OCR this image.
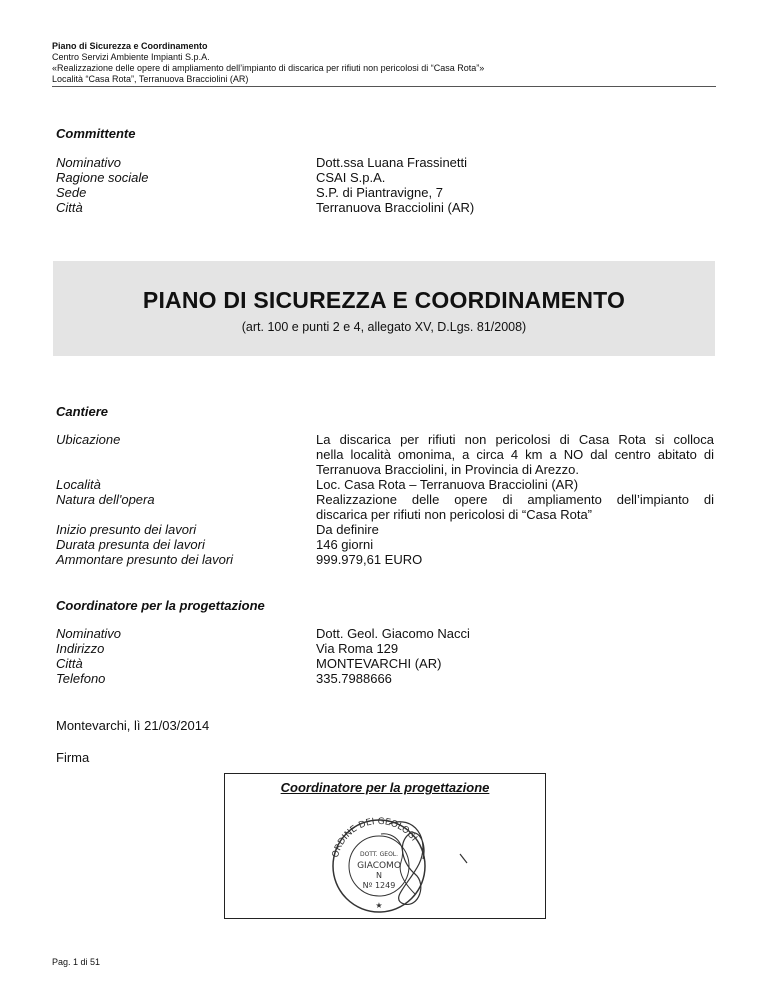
Piano di Sicurezza e Coordinamento
Centro Servizi Ambiente Impianti S.p.A.
«Realizzazione delle opere di ampliamento dell’impianto di discarica per rifiuti non pericolosi di “Casa Rota”»
Località “Casa Rota”, Terranuova Bracciolini (AR)
Committente
Nominativo
Ragione sociale
Sede
Città
Dott.ssa Luana Frassinetti
CSAI S.p.A.
S.P. di Piantravigne, 7
Terranuova Bracciolini (AR)
PIANO DI SICUREZZA E COORDINAMENTO
(art. 100 e punti 2 e 4, allegato XV, D.Lgs. 81/2008)
Cantiere
Ubicazione
Località
Natura dell'opera
Inizio presunto dei lavori
Durata presunta dei lavori
Ammontare presunto dei lavori
La discarica per rifiuti non pericolosi di Casa Rota si colloca
nella località omonima, a circa 4 km a NO dal centro abitato di
Terranuova Bracciolini, in Provincia di Arezzo.
Loc. Casa Rota – Terranuova Bracciolini (AR)
Realizzazione delle opere di ampliamento dell’impianto di
discarica per rifiuti non pericolosi di “Casa Rota”
Da definire
146 giorni
999.979,61 EURO
Coordinatore per la progettazione
Nominativo
Indirizzo
Città
Telefono
Dott. Geol. Giacomo Nacci
Via Roma 129
MONTEVARCHI (AR)
335.7988666
Montevarchi, lì 21/03/2014
Firma
Coordinatore per la progettazione
ORDINE DEI GEOLOGI
DOTT. GEOL.
GIACOMO
N
Nº 1249
★
Pag. 1 di 51
